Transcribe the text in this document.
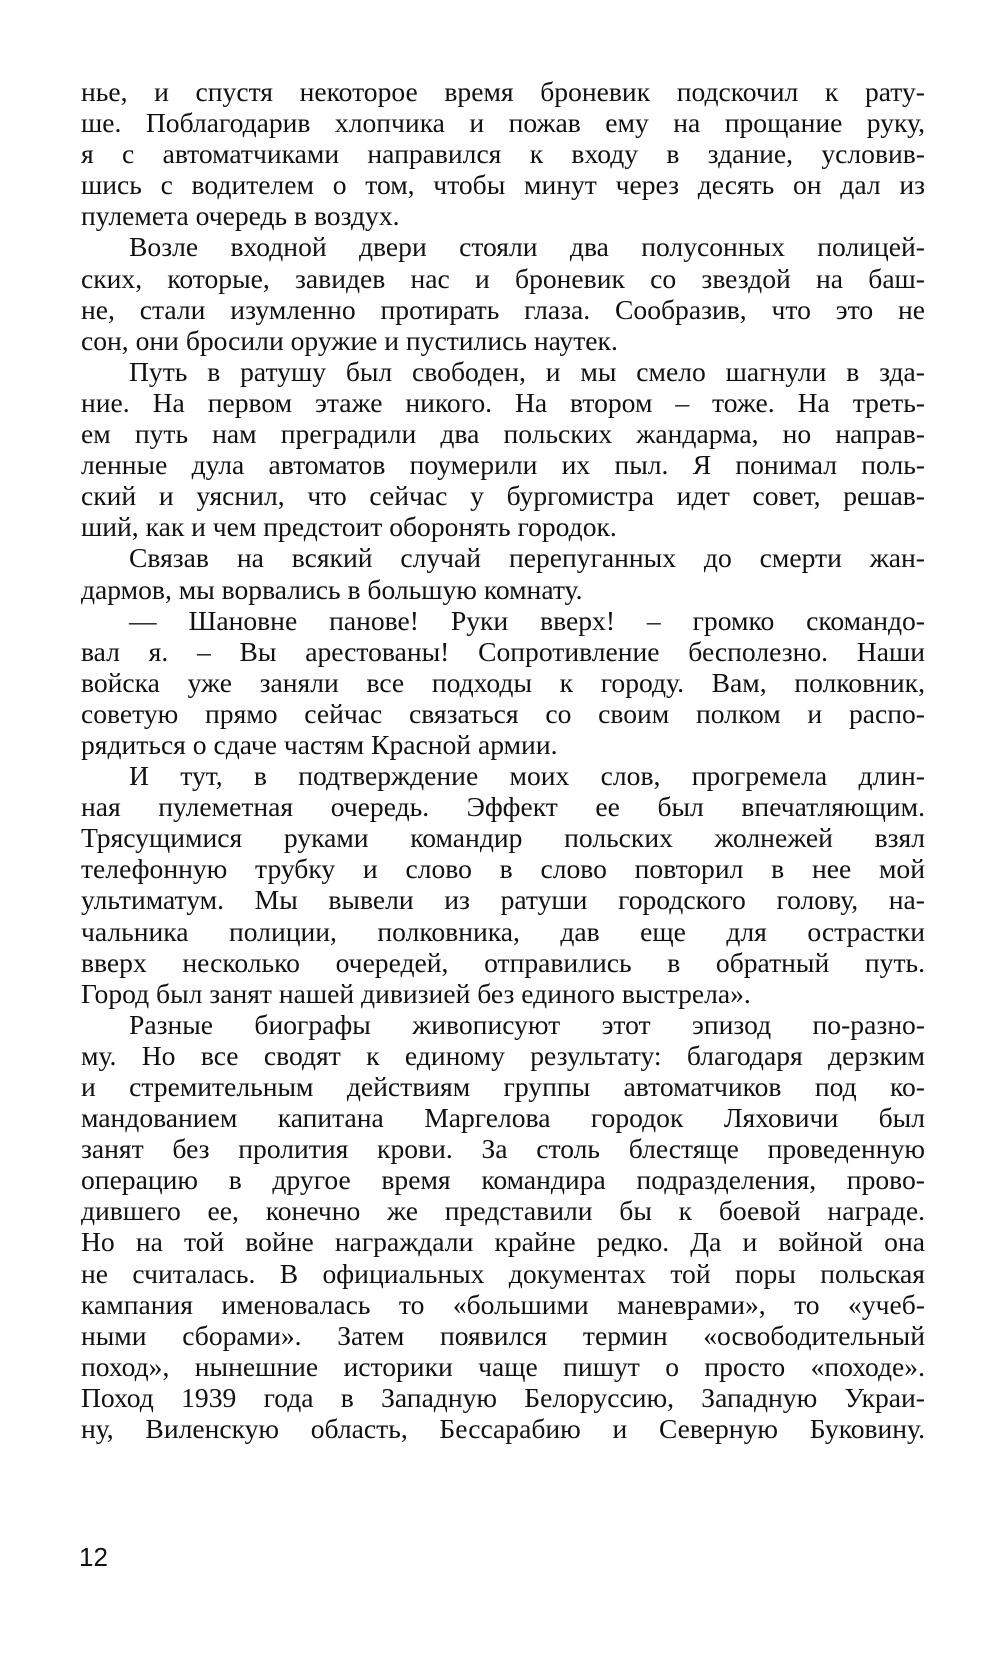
нье, и спустя некоторое время броневик подскочил к рату-
ше. Поблагодарив хлопчика и пожав ему на прощание руку,
я с автоматчиками направился к входу в здание, условив-
шись с водителем о том, чтобы минут через десять он дал из
пулемета очередь в воздух.
Возле входной двери стояли два полусонных полицей-
ских, которые, завидев нас и броневик со звездой на баш-
не, стали изумленно протирать глаза. Сообразив, что это не
сон, они бросили оружие и пустились наутек.
Путь в ратушу был свободен, и мы смело шагнули в зда-
ние. На первом этаже никого. На втором – тоже. На треть-
ем путь нам преградили два польских жандарма, но направ-
ленные дула автоматов поумерили их пыл. Я понимал поль-
ский и уяснил, что сейчас у бургомистра идет совет, решав-
ший, как и чем предстоит оборонять городок.
Связав на всякий случай перепуганных до смерти жан-
дармов, мы ворвались в большую комнату.
— Шановне панове! Руки вверх! – громко скомандо-
вал я. – Вы арестованы! Сопротивление бесполезно. Наши
войска уже заняли все подходы к городу. Вам, полковник,
советую прямо сейчас связаться со своим полком и распо-
рядиться о сдаче частям Красной армии.
И тут, в подтверждение моих слов, прогремела длин-
ная пулеметная очередь. Эффект ее был впечатляющим.
Трясущимися руками командир польских жолнежей взял
телефонную трубку и слово в слово повторил в нее мой
ультиматум. Мы вывели из ратуши городского голову, на-
чальника полиции, полковника, дав еще для острастки
вверх несколько очередей, отправились в обратный путь.
Город был занят нашей дивизией без единого выстрела».
Разные биографы живописуют этот эпизод по-разно-
му. Но все сводят к единому результату: благодаря дерзким
и стремительным действиям группы автоматчиков под ко-
мандованием капитана Маргелова городок Ляховичи был
занят без пролития крови. За столь блестяще проведенную
операцию в другое время командира подразделения, прово-
дившего ее, конечно же представили бы к боевой награде.
Но на той войне награждали крайне редко. Да и войной она
не считалась. В официальных документах той поры польская
кампания именовалась то «большими маневрами», то «учеб-
ными сборами». Затем появился термин «освободительный
поход», нынешние историки чаще пишут о просто «походе».
Поход 1939 года в Западную Белоруссию, Западную Украи-
ну, Виленскую область, Бессарабию и Северную Буковину.
12
